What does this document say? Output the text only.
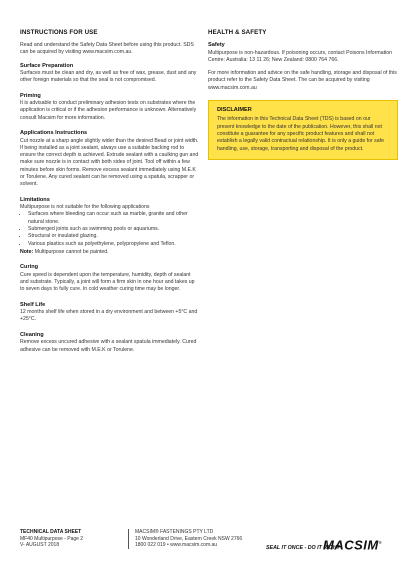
INSTRUCTIONS FOR USE

Read and understand the Safety Data Sheet before using this product. SDS can be acquired by visiting www.macsim.com.au.

Surface Preparation

Surfaces must be clean and dry, as well as free of wax, grease, dust and any other foreign materials so that the seal is not compromised.

Priming

It is advisable to conduct preliminary adhesion tests on substrates where the application is critical or if the adhesion performance is unknown. Alternatively consult Macsim for more information.

Applications Instructions

Cut nozzle at a sharp angle slightly wider than the desired Bead or joint width. If being installed as a joint sealant, always use a suitable backing rod to ensure the correct depth is achieved. Extrude sealant with a caulking gun and make sure nozzle is in contact with both sides of joint. Tool off within a few minutes before skin forms. Remove excess sealant immediately using M.E.K or Torulene. Any cured sealant can be removed using a spatula, scrapper or solvent.

Limitations

Multipurpose is not suitable for the following applications

• Surfaces where bleeding can occur such as marble, granite and other natural stone.
• Submerged joints such as swimming pools or aquariums.
• Structural or insulated glazing.
• Various plastics such as polyethylene, polypropylene and Teflon.

Note: Multipurpose cannot be painted.

Curing

Cure speed is dependent upon the temperature, humidity, depth of sealant and substrate. Typically, a joint will form a firm skin in one hour and takes up to seven days to fully cure. In cold weather curing time may be longer.

Shelf Life

12 months shelf life when stored in a dry environment and between +5°C and +25°C.

Cleaning

Remove excess uncured adhesive with a sealant spatula immediately. Cured adhesive can be removed with M.E.K or Torulene.

HEALTH & SAFETY
Safety

Multipurpose is non-hazardous. If poisoning occurs, contact Poisons Information Centre: Australia: 13 11 26; New Zealand: 0800 764 766.

For more information and advice on the safe handling, storage and disposal of this product refer to the Safety Data Sheet. The can be acquired by visiting www.macsim.com.au

DISCLAIMER

The information in this Technical Data Sheet (TDS) is based on our present knowledge to the date of the publication. However, this shall not constitute a guarantee for any specific product features and shall not establish a legally valid contractual relationship. It is only a guide for safe handling, use, storage, transporting and disposal of the product.

TECHNICAL DATA SHEET
MF40 Multipurpose - Page 2
V- AUGUST 2018
MACSIM® FASTENINGS PTY LTD
10 Wonderland Drive, Eastern Creek NSW 2766
1800 022 019 • www.macsim.com.au	SEAL IT ONCE - DO IT RIGHT
MACSIM®
